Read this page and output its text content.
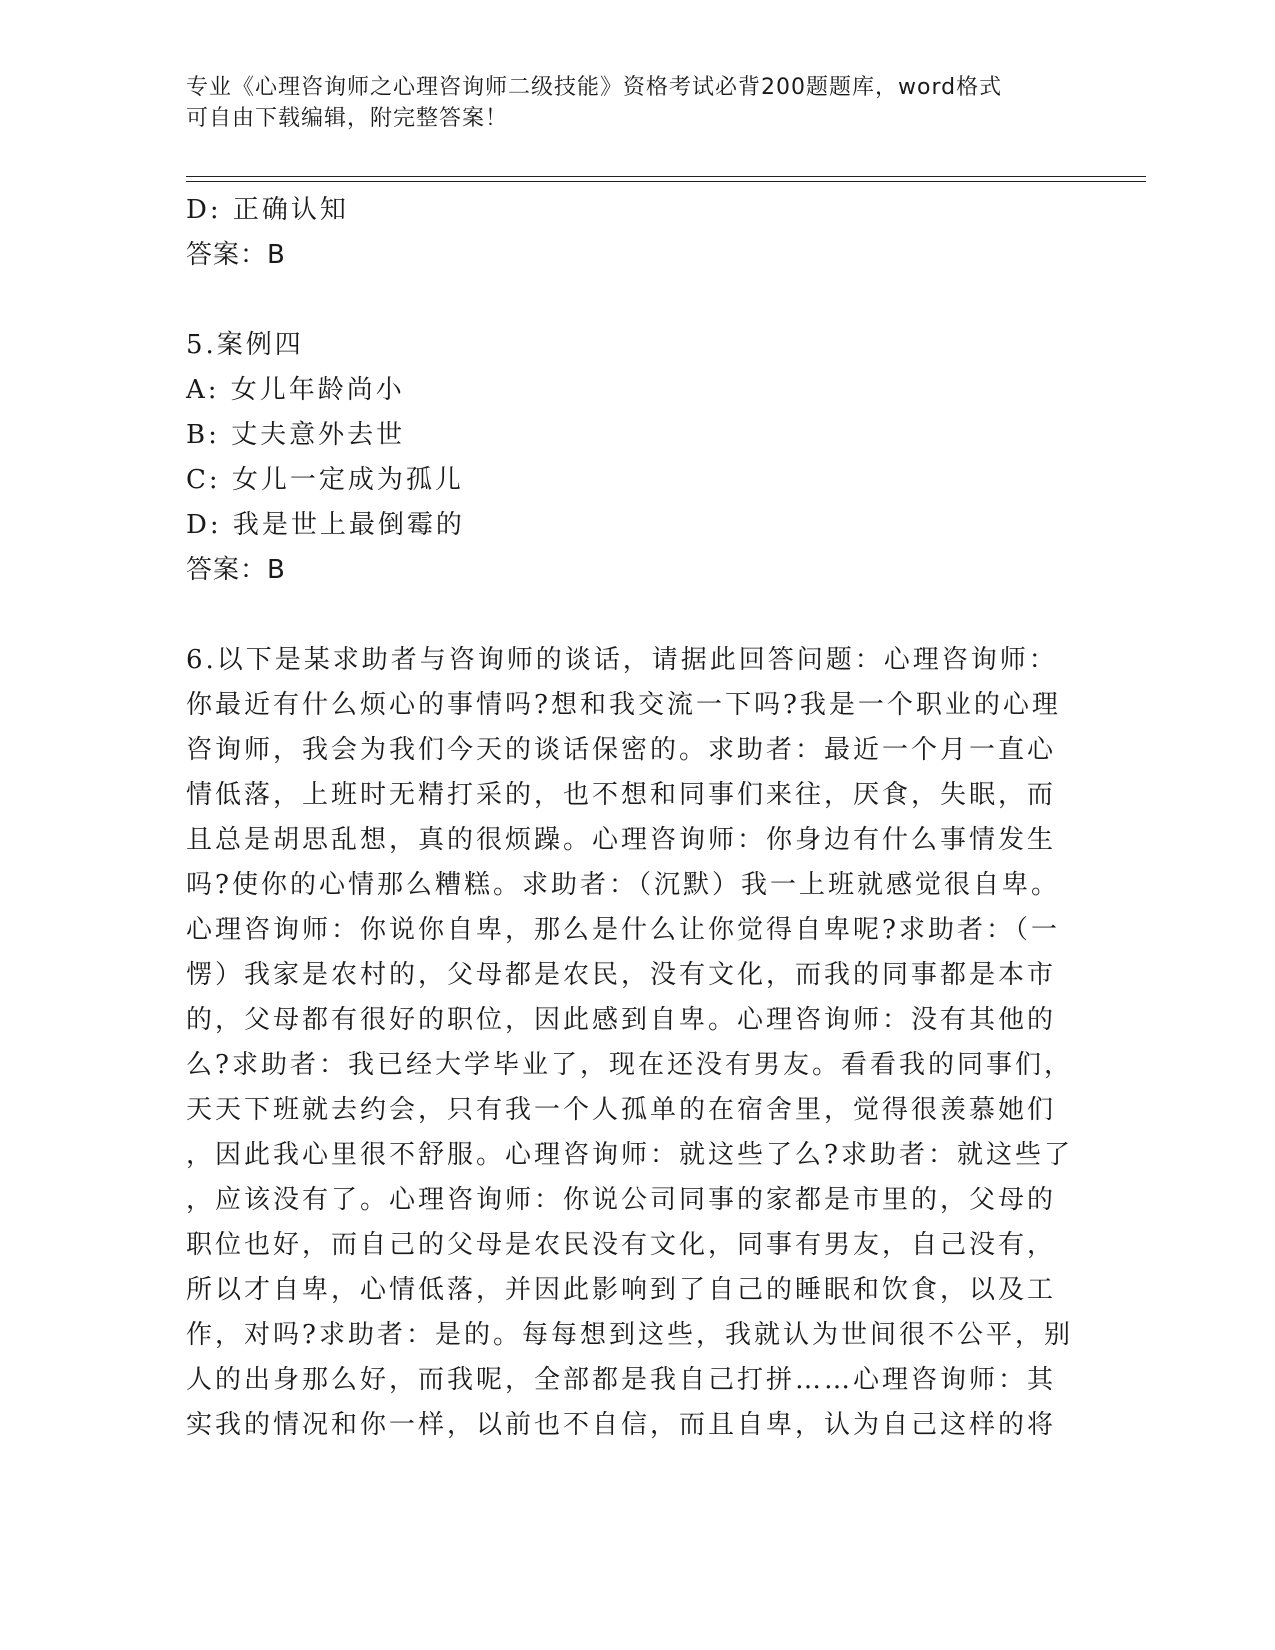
专业《心理咨询师之心理咨询师二级技能》资格考试必背200题题库，word格式
可自由下载编辑，附完整答案！
D: 正确认知
答案：B
5.案例四
A: 女儿年龄尚小
B: 丈夫意外去世
C: 女儿一定成为孤儿
D: 我是世上最倒霉的
答案：B
6.以下是某求助者与咨询师的谈话，请据此回答问题：心理咨询师：
你最近有什么烦心的事情吗?想和我交流一下吗?我是一个职业的心理
咨询师，我会为我们今天的谈话保密的。求助者：最近一个月一直心
情低落，上班时无精打采的，也不想和同事们来往，厌食，失眠，而
且总是胡思乱想，真的很烦躁。心理咨询师：你身边有什么事情发生
吗?使你的心情那么糟糕。求助者：（沉默）我一上班就感觉很自卑。
心理咨询师：你说你自卑，那么是什么让你觉得自卑呢?求助者：（一
愣）我家是农村的，父母都是农民，没有文化，而我的同事都是本市
的，父母都有很好的职位，因此感到自卑。心理咨询师：没有其他的
么?求助者：我已经大学毕业了，现在还没有男友。看看我的同事们，
天天下班就去约会，只有我一个人孤单的在宿舍里，觉得很羡慕她们
，因此我心里很不舒服。心理咨询师：就这些了么?求助者：就这些了
，应该没有了。心理咨询师：你说公司同事的家都是市里的，父母的
职位也好，而自己的父母是农民没有文化，同事有男友，自己没有，
所以才自卑，心情低落，并因此影响到了自己的睡眠和饮食，以及工
作，对吗?求助者：是的。每每想到这些，我就认为世间很不公平，别
人的出身那么好，而我呢，全部都是我自己打拼……心理咨询师：其
实我的情况和你一样，以前也不自信，而且自卑，认为自己这样的将
